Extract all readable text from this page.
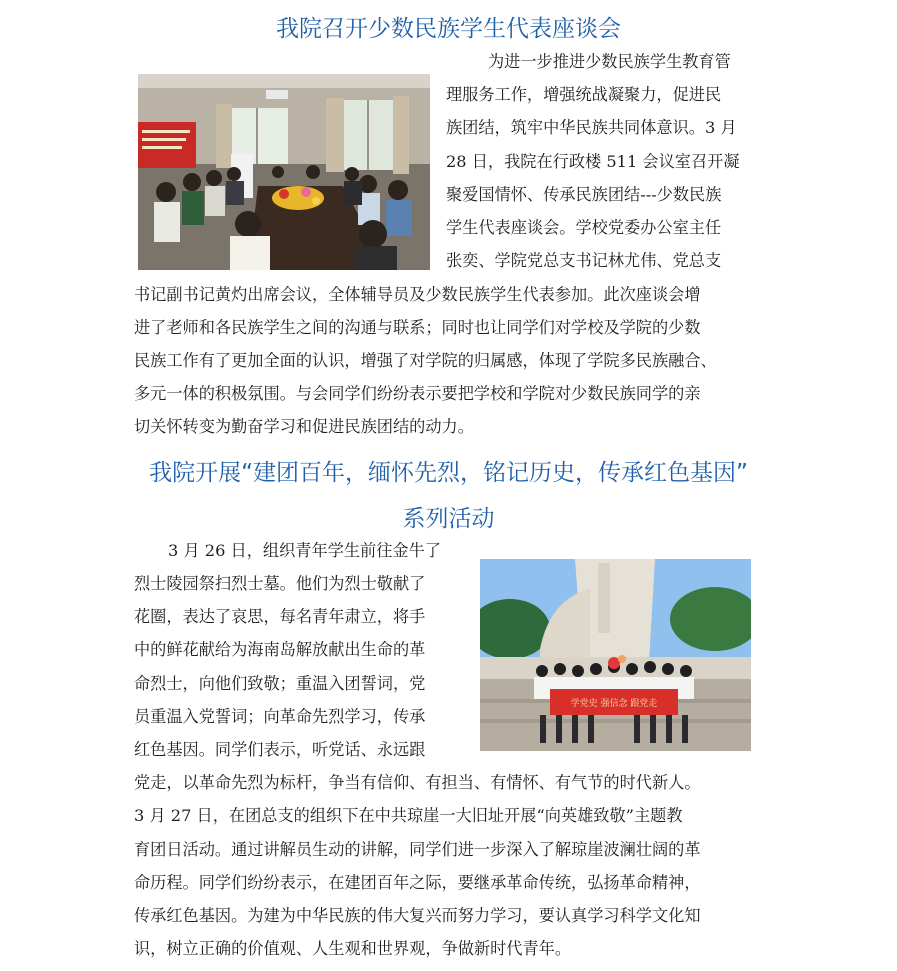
我院召开少数民族学生代表座谈会
为进一步推进少数民族学生教育管
理服务工作，增强统战凝聚力，促进民
族团结，筑牢中华民族共同体意识。3 月
28 日，我院在行政楼 511 会议室召开凝
聚爱国情怀、传承民族团结---少数民族
学生代表座谈会。学校党委办公室主任
张奕、学院党总支书记林尤伟、党总支
书记副书记黄灼出席会议，全体辅导员及少数民族学生代表参加。此次座谈会增
进了老师和各民族学生之间的沟通与联系；同时也让同学们对学校及学院的少数
民族工作有了更加全面的认识，增强了对学院的归属感，体现了学院多民族融合、
多元一体的积极氛围。与会同学们纷纷表示要把学校和学院对少数民族同学的亲
切关怀转变为勤奋学习和促进民族团结的动力。
我院开展“建团百年，缅怀先烈，铭记历史，传承红色基因”
系列活动
学党史 强信念 跟党走
3 月 26 日，组织青年学生前往金牛了
烈士陵园祭扫烈士墓。他们为烈士敬献了
花圈，表达了哀思，每名青年肃立，将手
中的鲜花献给为海南岛解放献出生命的革
命烈士，向他们致敬；重温入团誓词，党
员重温入党誓词；向革命先烈学习，传承
红色基因。同学们表示，听党话、永远跟
党走，以革命先烈为标杆，争当有信仰、有担当、有情怀、有气节的时代新人。
3 月 27 日，在团总支的组织下在中共琼崖一大旧址开展“向英雄致敬”主题教
育团日活动。通过讲解员生动的讲解，同学们进一步深入了解琼崖波澜壮阔的革
命历程。同学们纷纷表示，在建团百年之际，要继承革命传统，弘扬革命精神，
传承红色基因。为建为中华民族的伟大复兴而努力学习，要认真学习科学文化知
识，树立正确的价值观、人生观和世界观，争做新时代青年。
